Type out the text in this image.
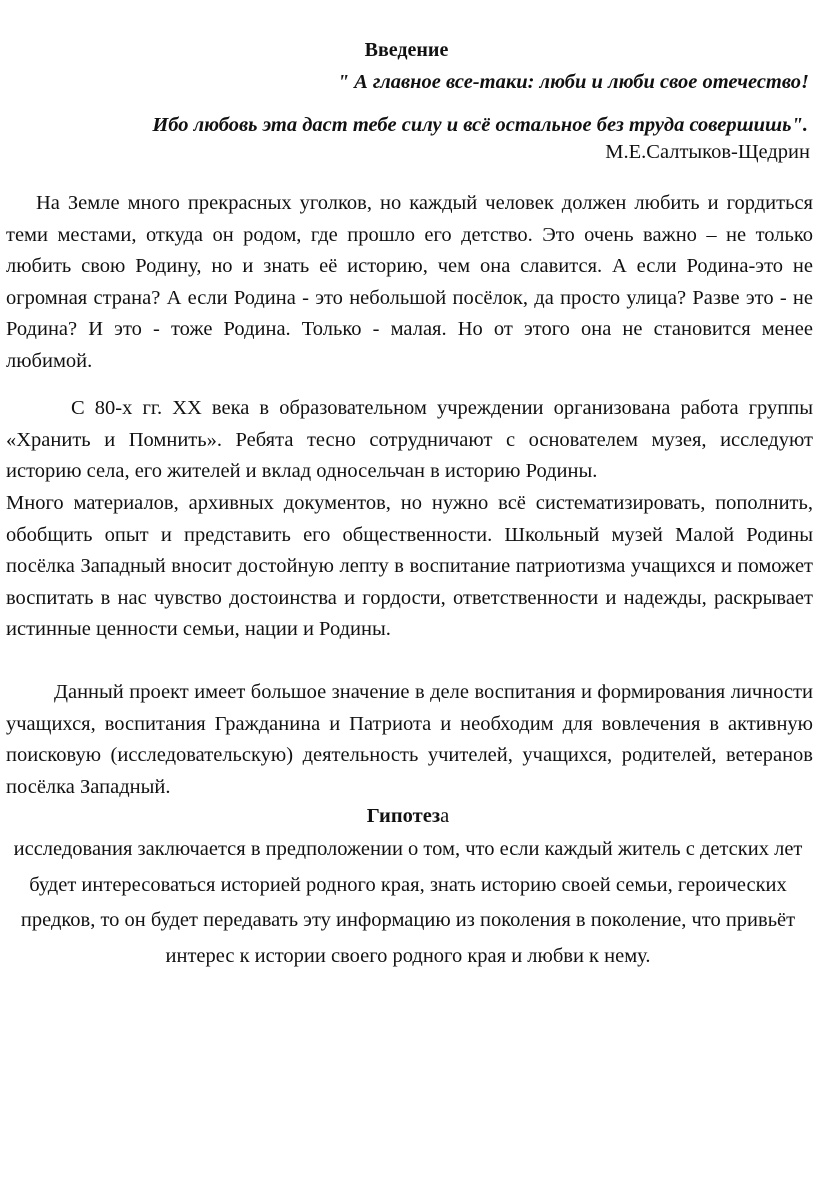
Введение
" А главное все-таки: люби и люби свое отечество!
Ибо любовь эта даст тебе силу и всё остальное без труда совершишь".
М.Е.Салтыков-Щедрин

На Земле много прекрасных уголков, но каждый человек должен любить и гордиться теми местами, откуда он родом, где прошло его детство. Это очень важно – не только любить свою Родину, но и знать её историю, чем она славится. А если Родина-это не огромная страна? А если Родина - это небольшой посёлок, да просто улица? Разве это - не Родина? И это - тоже Родина. Только - малая. Но от этого она не становится менее любимой.

С 80-х гг. XX века в образовательном учреждении организована работа группы «Хранить и Помнить». Ребята тесно сотрудничают с основателем музея, исследуют историю села, его жителей и вклад односельчан в историю Родины.

Много материалов, архивных документов, но нужно всё систематизировать, пополнить, обобщить опыт и представить его общественности. Школьный музей Малой Родины посёлка Западный вносит достойную лепту в воспитание патриотизма учащихся и поможет воспитать в нас чувство достоинства и гордости, ответственности и надежды, раскрывает истинные ценности семьи, нации и Родины.

Данный проект имеет большое значение в деле воспитания и формирования личности учащихся, воспитания Гражданина и Патриота и необходим для вовлечения в активную поисковую (исследовательскую) деятельность учителей, учащихся, родителей, ветеранов посёлка Западный.

Гипотеза

исследования заключается в предположении о том, что если каждый житель с детских лет будет интересоваться историей родного края, знать историю своей семьи, героических предков, то он будет передавать эту информацию из поколения в поколение, что привьёт интерес к истории своего родного края и любви к нему.
